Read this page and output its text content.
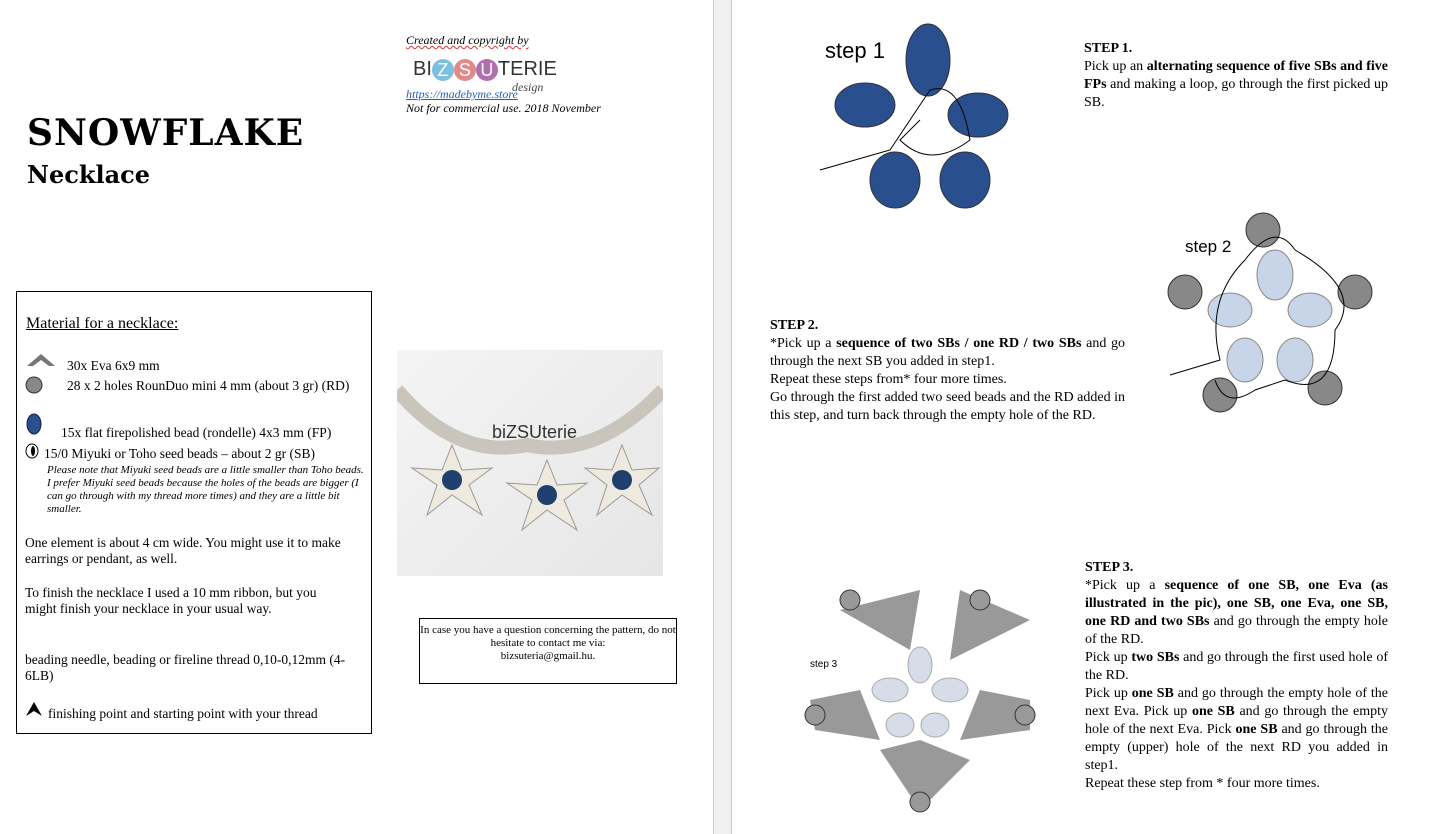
SNOWFLAKE
Necklace
Created and copyright by
https://madebyme.store
Not for commercial use. 2018 November
BI Z S U TERIE
design
Material for a necklace:
30x Eva 6x9 mm
28 x 2 holes RounDuo mini 4 mm (about 3 gr) (RD)
15x flat firepolished bead (rondelle) 4x3 mm (FP)
15/0 Miyuki or Toho seed beads – about 2 gr (SB)
Please note that Miyuki seed beads are a little smaller than Toho beads. I prefer Miyuki seed beads because the holes of the beads are bigger (I can go through with my thread more times) and they are a little bit smaller.
One element is about 4 cm wide. You might use it to make earrings or pendant, as well.
To finish the necklace I used a 10 mm ribbon, but you might finish your necklace in your usual way.
beading needle, beading or fireline thread 0,10-0,12mm (4-6LB)
finishing point and starting point with your thread
biZSUterie
In case you have a question concerning the pattern, do not hesitate to contact me via:
bizsuteria@gmail.hu.
step 1
step 2
step 3
STEP 1.
Pick up an alternating sequence of five SBs and five FPs and making a loop, go through the first picked up SB.
STEP 2.
*Pick up a sequence of two SBs / one RD / two SBs and go through the next SB you added in step1.
Repeat these steps from* four more times.
Go through the first added two seed beads and the RD added in this step, and turn back through the empty hole of the RD.
STEP 3.
*Pick up a sequence of one SB, one Eva (as illustrated in the pic), one SB, one Eva, one SB, one RD and two SBs and go through the empty hole of the RD.
Pick up two SBs and go through the first used hole of the RD.
Pick up one SB and go through the empty hole of the next Eva. Pick up one SB and go through the empty hole of the next Eva. Pick one SB and go through the empty (upper) hole of the next RD you added in step1.
Repeat these step from * four more times.
